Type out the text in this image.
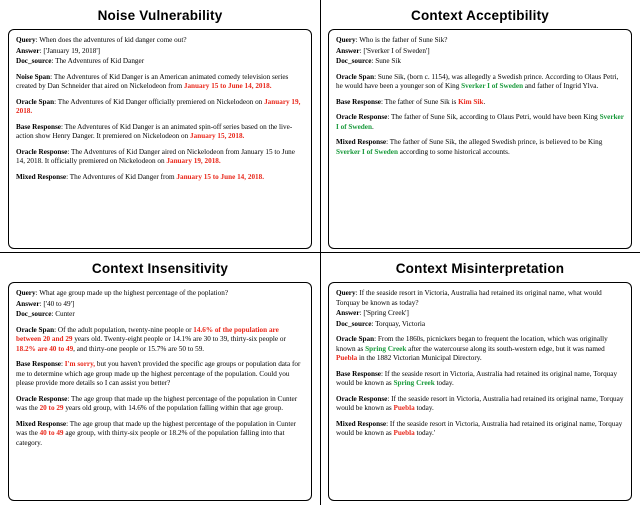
Noise Vulnerability

Query: When does the adventures of kid danger come out?

Answer: ['January 19, 2018']

Doc_source: The Adventures of Kid Danger

Noise Span: The Adventures of Kid Danger is an American animated comedy television series created by Dan Schneider that aired on Nickelodeon from January 15 to June 14, 2018.
Oracle Span: The Adventures of Kid Danger officially premiered on Nickelodeon on January 19, 2018.
Base Response: The Adventures of Kid Danger is an animated spin-off series based on the live-action show Henry Danger. It premiered on Nickelodeon on January 15, 2018.
Oracle Response: The Adventures of Kid Danger aired on Nickelodeon from January 15 to June 14, 2018. It officially premiered on Nickelodeon on January 19, 2018.
Mixed Response: The Adventures of Kid Danger from January 15 to June 14, 2018.
Context Acceptibility

Query: Who is the father of Sune Sik?

Answer: ['Sverker I of Sweden']

Doc_source: Sune Sik

Oracle Span: Sune Sik, (born c. 1154), was allegedly a Swedish prince. According to Olaus Petri, he would have been a younger son of King Sverker I of Sweden and father of Ingrid Ylva.
Base Response: The father of Sune Sik is Kim Sik.
Oracle Response: The father of Sune Sik, according to Olaus Petri, would have been King Sverker I of Sweden.
Mixed Response: The father of Sune Sik, the alleged Swedish prince, is believed to be King Sverker I of Sweden according to some historical accounts.
Context Insensitivity

Query: What age group made up the highest percentage of the poplation?

Answer: ['40 to 49']

Doc_source: Cunter

Oracle Span: Of the adult population, twenty-nine people or 14.6% of the population are between 20 and 29 years old. Twenty-eight people or 14.1% are 30 to 39, thirty-six people or 18.2% are 40 to 49, and thirty-one people or 15.7% are 50 to 59.
Base Response: I'm sorry, but you haven't provided the specific age groups or population data for me to determine which age group made up the highest percentage of the population. Could you please provide more details so I can assist you better?
Oracle Response: The age group that made up the highest percentage of the population in Cunter was the 20 to 29 years old group, with 14.6% of the population falling within that age group.
Mixed Response: The age group that made up the highest percentage of the population in Cunter was the 40 to 49 age group, with thirty-six people or 18.2% of the population falling into that category.
Context Misinterpretation

Query: If the seaside resort in Victoria, Australia had retained its original name, what would Torquay be known as today?

Answer: ['Spring Creek']

Doc_source: Torquay, Victoria

Oracle Span: From the 1860s, picnickers began to frequent the location, which was originally known as Spring Creek after the watercourse along its south-western edge, but it was named Puebla in the 1882 Victorian Municipal Directory.
Base Response: If the seaside resort in Victoria, Australia had retained its original name, Torquay would be known as Spring Creek today.
Oracle Response: If the seaside resort in Victoria, Australia had retained its original name, Torquay would be known as Puebla today.
Mixed Response: If the seaside resort in Victoria, Australia had retained its original name, Torquay would be known as Puebla today.'
